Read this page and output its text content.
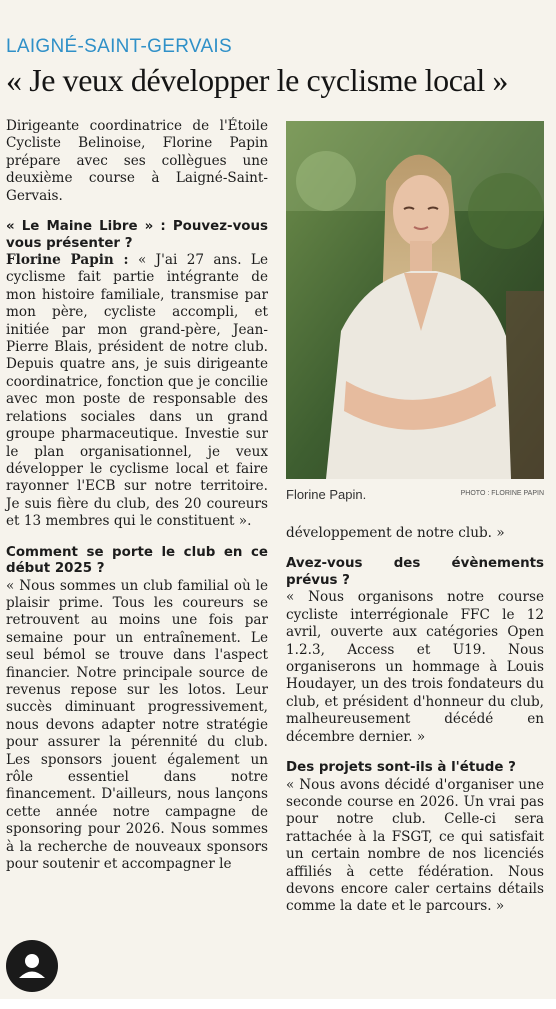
LAIGNÉ-SAINT-GERVAIS
« Je veux développer le cyclisme local »

Dirigeante coordinatrice de l'Étoile Cycliste Belinoise, Florine Papin prépare avec ses collègues une deuxième course à Laigné-Saint-Gervais.

« Le Maine Libre » : Pouvez-vous vous présenter ?

Florine Papin : « J'ai 27 ans. Le cyclisme fait partie intégrante de mon histoire familiale, transmise par mon père, cycliste accompli, et initiée par mon grand-père, Jean-Pierre Blais, président de notre club. Depuis quatre ans, je suis dirigeante coordinatrice, fonction que je concilie avec mon poste de responsable des relations sociales dans un grand groupe pharmaceutique. Investie sur le plan organisationnel, je veux développer le cyclisme local et faire rayonner l'ECB sur notre territoire. Je suis fière du club, des 20 coureurs et 13 membres qui le constituent ».

Comment se porte le club en ce début 2025 ?

« Nous sommes un club familial où le plaisir prime. Tous les coureurs se retrouvent au moins une fois par semaine pour un entraînement. Le seul bémol se trouve dans l'aspect financier. Notre principale source de revenus repose sur les lotos. Leur succès diminuant progressivement, nous devons adapter notre stratégie pour assurer la pérennité du club. Les sponsors jouent également un rôle essentiel dans notre financement. D'ailleurs, nous lançons cette année notre campagne de sponsoring pour 2026. Nous sommes à la recherche de nouveaux sponsors pour soutenir et accompagner le

Florine Papin.	PHOTO : FLORINE PAPIN

développement de notre club. »

Avez-vous des évènements prévus ?

« Nous organisons notre course cycliste interrégionale FFC le 12 avril, ouverte aux catégories Open 1.2.3, Access et U19. Nous organiserons un hommage à Louis Houdayer, un des trois fondateurs du club, et président d'honneur du club, malheureusement décédé en décembre dernier. »

Des projets sont-ils à l'étude ?

« Nous avons décidé d'organiser une seconde course en 2026. Un vrai pas pour notre club. Celle-ci sera rattachée à la FSGT, ce qui satisfait un certain nombre de nos licenciés affiliés à cette fédération. Nous devons encore caler certains détails comme la date et le parcours. »
